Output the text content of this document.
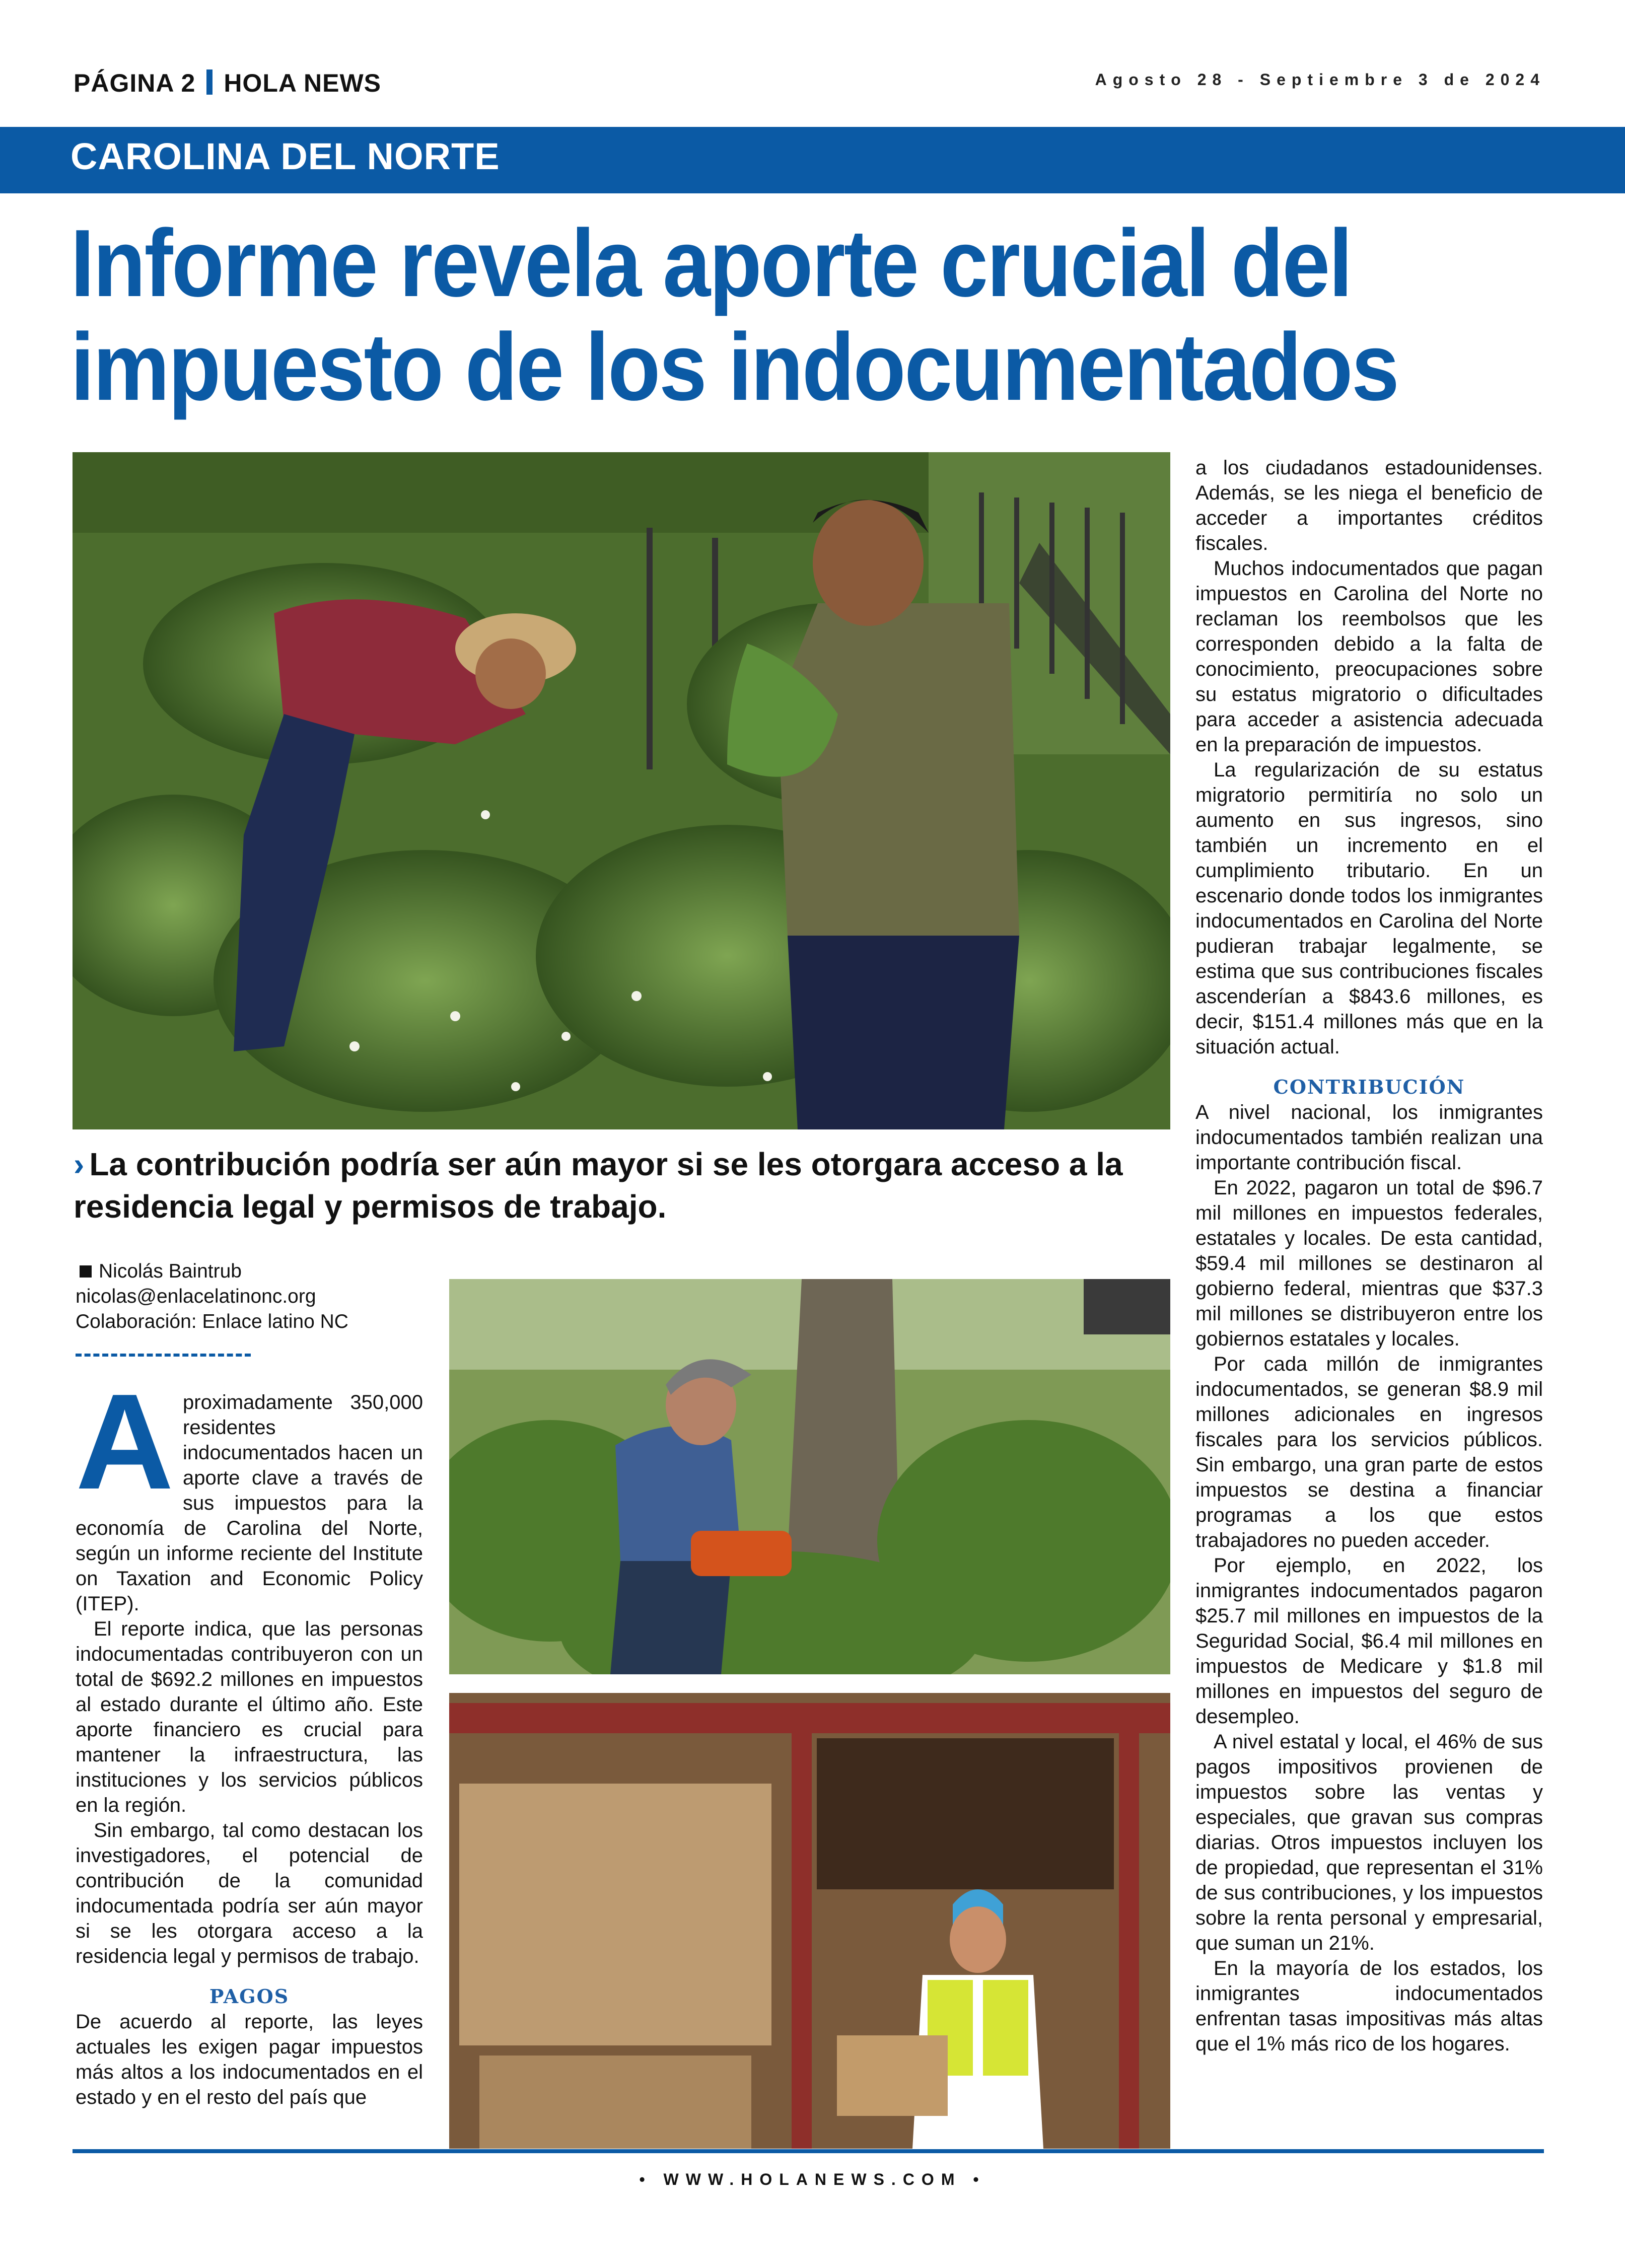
PÁGINA 2 HOLA NEWS	Agosto 28 - Septiembre 3 de 2024
CAROLINA DEL NORTE
Informe revela aporte crucial del impuesto de los indocumentados
› La contribución podría ser aún mayor si se les otorgara acceso a la residencia legal y permisos de trabajo.
Nicolás Baintrub
nicolas@enlacelatinonc.org
Colaboración: Enlace latino NC
A proximadamente 350,000 residentes indocumentados hacen un aporte clave a través de sus impuestos para la economía de Carolina del Norte, según un informe reciente del Institute on Taxation and Economic Policy (ITEP).

El reporte indica, que las personas indocumentadas contribuyeron con un total de $692.2 millones en impuestos al estado durante el último año. Este aporte financiero es crucial para mantener la infraestructura, las instituciones y los servicios públicos en la región.

Sin embargo, tal como destacan los investigadores, el potencial de contribución de la comunidad indocumentada podría ser aún mayor si se les otorgara acceso a la residencia legal y permisos de trabajo.

PAGOS

De acuerdo al reporte, las leyes actuales les exigen pagar impuestos más altos a los indocumentados en el estado y en el resto del país que

a los ciudadanos estadounidenses. Además, se les niega el beneficio de acceder a importantes créditos fiscales.

Muchos indocumentados que pagan impuestos en Carolina del Norte no reclaman los reembolsos que les corresponden debido a la falta de conocimiento, preocupaciones sobre su estatus migratorio o dificultades para acceder a asistencia adecuada en la preparación de impuestos.

La regularización de su estatus migratorio permitiría no solo un aumento en sus ingresos, sino también un incremento en el cumplimiento tributario. En un escenario donde todos los inmigrantes indocumentados en Carolina del Norte pudieran trabajar legalmente, se estima que sus contribuciones fiscales ascenderían a $843.6 millones, es decir, $151.4 millones más que en la situación actual.

CONTRIBUCIÓN

A nivel nacional, los inmigrantes indocumentados también realizan una importante contribución fiscal.

En 2022, pagaron un total de $96.7 mil millones en impuestos federales, estatales y locales. De esta cantidad, $59.4 mil millones se destinaron al gobierno federal, mientras que $37.3 mil millones se distribuyeron entre los gobiernos estatales y locales.

Por cada millón de inmigrantes indocumentados, se generan $8.9 mil millones adicionales en ingresos fiscales para los servicios públicos. Sin embargo, una gran parte de estos impuestos se destina a financiar programas a los que estos trabajadores no pueden acceder.

Por ejemplo, en 2022, los inmigrantes indocumentados pagaron $25.7 mil millones en impuestos de la Seguridad Social, $6.4 mil millones en impuestos de Medicare y $1.8 mil millones en impuestos del seguro de desempleo.

A nivel estatal y local, el 46% de sus pagos impositivos provienen de impuestos sobre las ventas y especiales, que gravan sus compras diarias. Otros impuestos incluyen los de propiedad, que representan el 31% de sus contribuciones, y los impuestos sobre la renta personal y empresarial, que suman un 21%.

En la mayoría de los estados, los inmigrantes indocumentados enfrentan tasas impositivas más altas que el 1% más rico de los hogares.

• WWW.HOLANEWS.COM •
